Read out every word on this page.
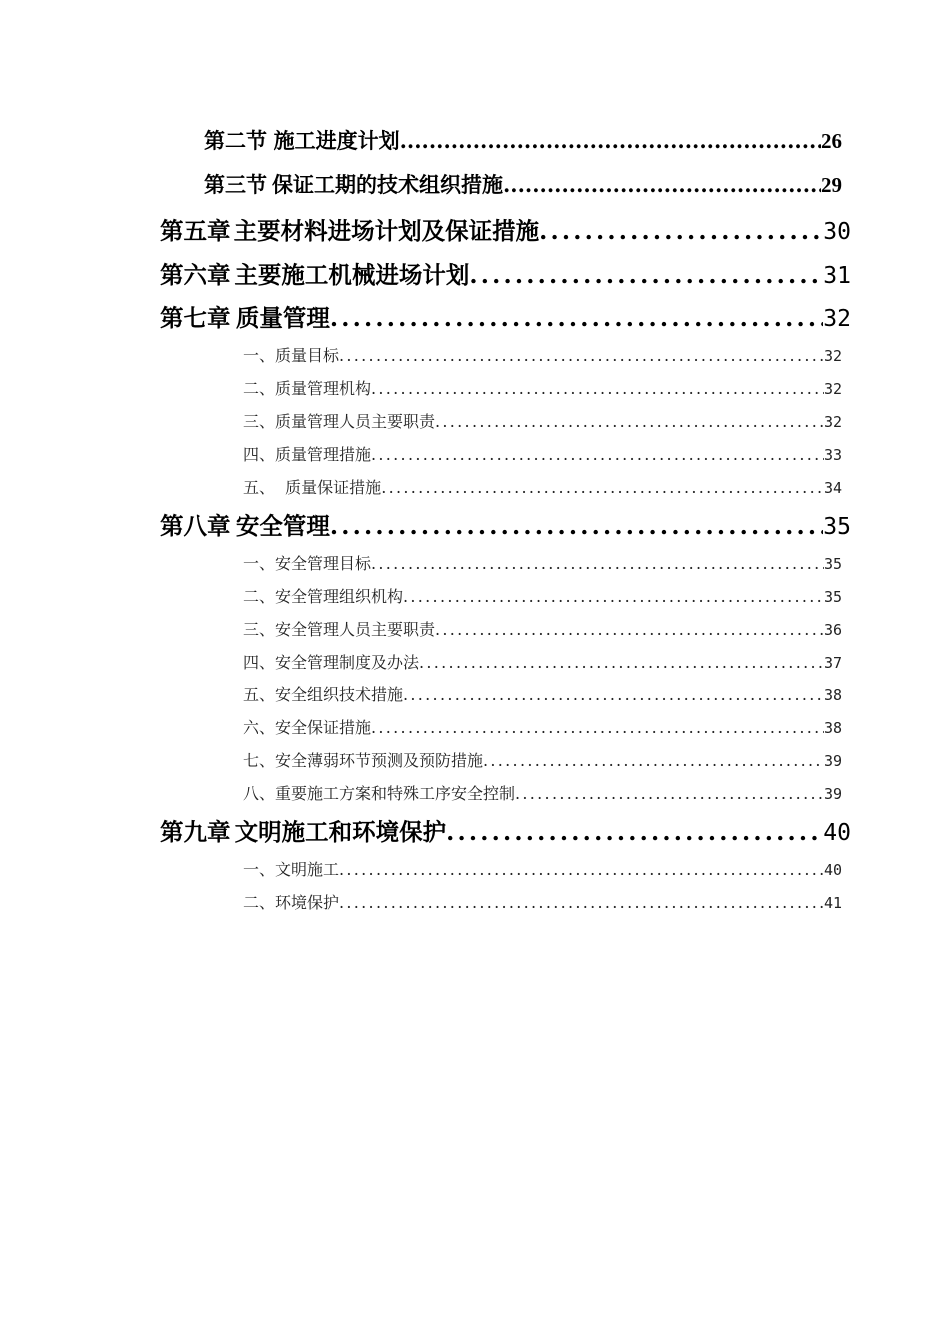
第二节 施工进度计划 .....	26
第三节 保证工期的技术组织措施 .....	29
第五章 主要材料进场计划及保证措施 .....	30
第六章 主要施工机械进场计划 .....	31
第七章 质量管理 .....	32
一、质量目标 .....	32
二、质量管理机构 .....	32
三、质量管理人员主要职责 .....	32
四、质量管理措施 .....	33
五、  质量保证措施 .....	34
第八章 安全管理 .....	35
一、安全管理目标 .....	35
二、安全管理组织机构 .....	35
三、安全管理人员主要职责 .....	36
四、安全管理制度及办法 .....	37
五、安全组织技术措施 .....	38
六、安全保证措施 .....	38
七、安全薄弱环节预测及预防措施 .....	39
八、重要施工方案和特殊工序安全控制 .....	39
第九章 文明施工和环境保护 .....	40
一、文明施工 .....	40
二、环境保护 .....	41
